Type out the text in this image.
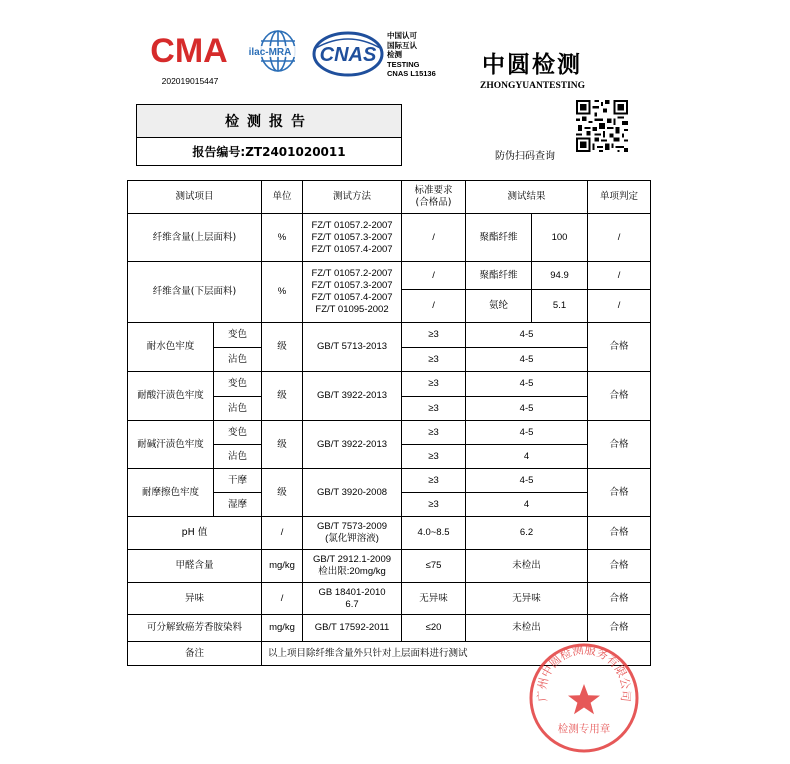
CMA
202019015447
ilac-MRA CNAS
中国认可
国际互认
检测
TESTING
CNAS L15136 中圆检测
ZHONGYUANTESTING
防伪扫码查询
检测报告
报告编号: ZT2401020011
测试项目		单位	测试方法	标准要求
(合格品)	测试结果		单项判定
纤维含量(上层面料)		%	FZ/T 01057.2-2007
FZ/T 01057.3-2007
FZ/T 01057.4-2007	/	聚酯纤维	100	/
纤维含量(下层面料)		%	FZ/T 01057.2-2007
FZ/T 01057.3-2007
FZ/T 01057.4-2007
FZ/T 01095-2002	/	聚酯纤维	94.9	/
				/	氨纶	5.1	/
耐水色牢度	变色	级	GB/T 5713-2013	≥3	4-5		合格
	沾色			≥3	4-5		
耐酸汗渍色牢度	变色	级	GB/T 3922-2013	≥3	4-5		合格
	沾色			≥3	4-5		
耐碱汗渍色牢度	变色	级	GB/T 3922-2013	≥3	4-5		合格
	沾色			≥3	4		
耐摩擦色牢度	干摩	级	GB/T 3920-2008	≥3	4-5		合格
	湿摩			≥3	4		
pH 值		/	GB/T 7573-2009
(氯化钾溶液)	4.0~8.5	6.2		合格
甲醛含量		mg/kg	GB/T 2912.1-2009
检出限:20mg/kg	≤75	未检出		合格
异味		/	GB 18401-2010
6.7	无异味	无异味		合格
可分解致癌芳香胺染料		mg/kg	GB/T 17592-2011	≤20	未检出		合格
备注		以上项目除纤维含量外只针对上层面料进行测试					
广州中圆检测服务有限公司
检测专用章
